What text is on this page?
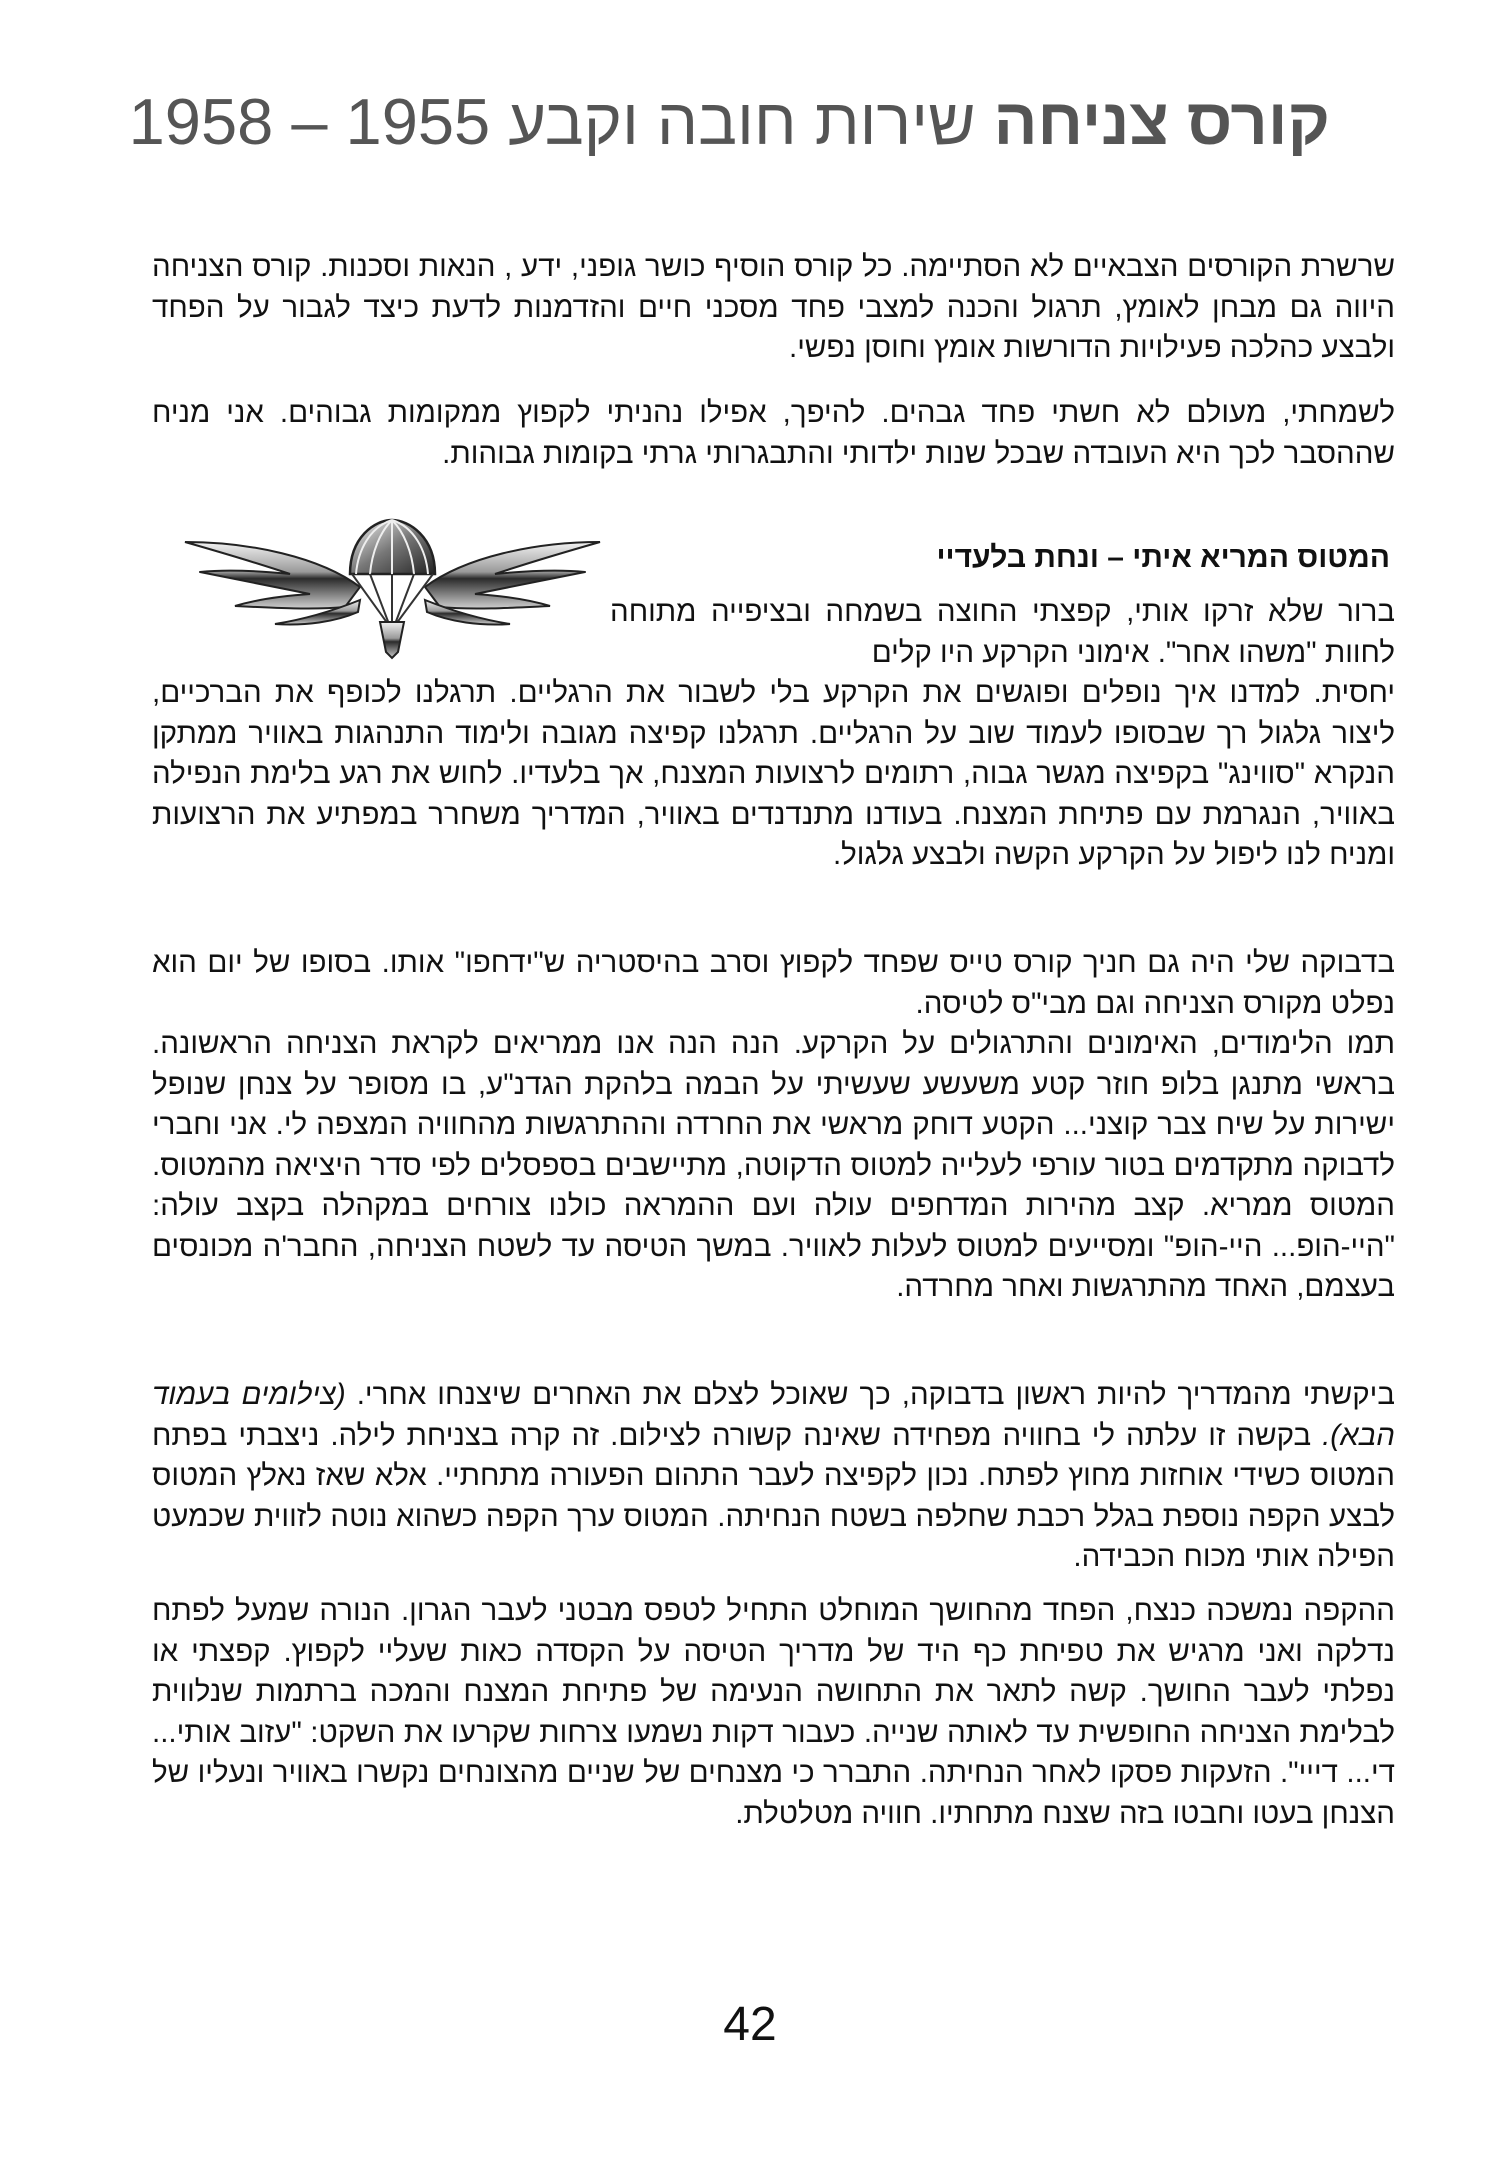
קורס צניחהשירות חובה וקבע 1955 – 1958

שרשרת הקורסים הצבאיים לא הסתיימה. כל קורס הוסיף כושר גופני, ידע , הנאות וסכנות. קורס הצניחה היווה גם מבחן לאומץ, תרגול והכנה למצבי פחד מסכני חיים והזדמנות לדעת כיצד לגבור על הפחד ולבצע כהלכה פעילויות הדורשות אומץ וחוסן נפשי.

לשמחתי, מעולם לא חשתי פחד גבהים. להיפך, אפילו נהניתי לקפוץ ממקומות גבוהים. אני מניח שההסבר לכך היא העובדה שבכל שנות ילדותי והתבגרותי גרתי בקומות גבוהות.

המטוס המריא איתי – ונחת בלעדיי

ברור שלא זרקו אותי, קפצתי החוצה בשמחה ובציפייה מתוחה לחוות "משהו אחר". אימוני הקרקע היו קלים

יחסית. למדנו איך נופלים ופוגשים את הקרקע בלי לשבור את הרגליים. תרגלנו לכופף את הברכיים, ליצור גלגול רך שבסופו לעמוד שוב על הרגליים. תרגלנו קפיצה מגובה ולימוד התנהגות באוויר ממתקן הנקרא "סווינג" בקפיצה מגשר גבוה, רתומים לרצועות המצנח, אך בלעדיו. לחוש את רגע בלימת הנפילה באוויר, הנגרמת עם פתיחת המצנח. בעודנו מתנדנדים באוויר, המדריך משחרר במפתיע את הרצועות ומניח לנו ליפול על הקרקע הקשה ולבצע גלגול.

בדבוקה שלי היה גם חניך קורס טייס שפחד לקפוץ וסרב בהיסטריה ש"ידחפו" אותו. בסופו של יום הוא נפלט מקורס הצניחה וגם מבי"ס לטיסה.

תמו הלימודים, האימונים והתרגולים על הקרקע. הנה הנה אנו ממריאים לקראת הצניחה הראשונה. בראשי מתנגן בלופ חוזר קטע משעשע שעשיתי על הבמה בלהקת הגדנ"ע, בו מסופר על צנחן שנופל ישירות על שיח צבר קוצני... הקטע דוחק מראשי את החרדה וההתרגשות מהחוויה המצפה לי. אני וחברי לדבוקה מתקדמים בטור עורפי לעלייה למטוס הדקוטה, מתיישבים בספסלים לפי סדר היציאה מהמטוס. המטוס ממריא. קצב מהירות המדחפים עולה ועם ההמראה כולנו צורחים במקהלה בקצב עולה: "היי-הופ... היי-הופ" ומסייעים למטוס לעלות לאוויר. במשך הטיסה עד לשטח הצניחה, החבר'ה מכונסים בעצמם, האחד מהתרגשות ואחר מחרדה.

ביקשתי מהמדריך להיות ראשון בדבוקה, כך שאוכל לצלם את האחרים שיצנחו אחרי. (צילומים בעמוד הבא). בקשה זו עלתה לי בחוויה מפחידה שאינה קשורה לצילום. זה קרה בצניחת לילה. ניצבתי בפתח המטוס כשידי אוחזות מחוץ לפתח. נכון לקפיצה לעבר התהום הפעורה מתחתיי. אלא שאז נאלץ המטוס לבצע הקפה נוספת בגלל רכבת שחלפה בשטח הנחיתה. המטוס ערך הקפה כשהוא נוטה לזווית שכמעט הפילה אותי מכוח הכבידה.

ההקפה נמשכה כנצח, הפחד מהחושך המוחלט התחיל לטפס מבטני לעבר הגרון. הנורה שמעל לפתח נדלקה ואני מרגיש את טפיחת כף היד של מדריך הטיסה על הקסדה כאות שעליי לקפוץ. קפצתי או נפלתי לעבר החושך. קשה לתאר את התחושה הנעימה של פתיחת המצנח והמכה ברתמות שנלווית לבלימת הצניחה החופשית עד לאותה שנייה. כעבור דקות נשמעו צרחות שקרעו את השקט: "עזוב אותי... די... דייי". הזעקות פסקו לאחר הנחיתה. התברר כי מצנחים של שניים מהצונחים נקשרו באוויר ונעליו של הצנחן בעטו וחבטו בזה שצנח מתחתיו. חוויה מטלטלת.

42
